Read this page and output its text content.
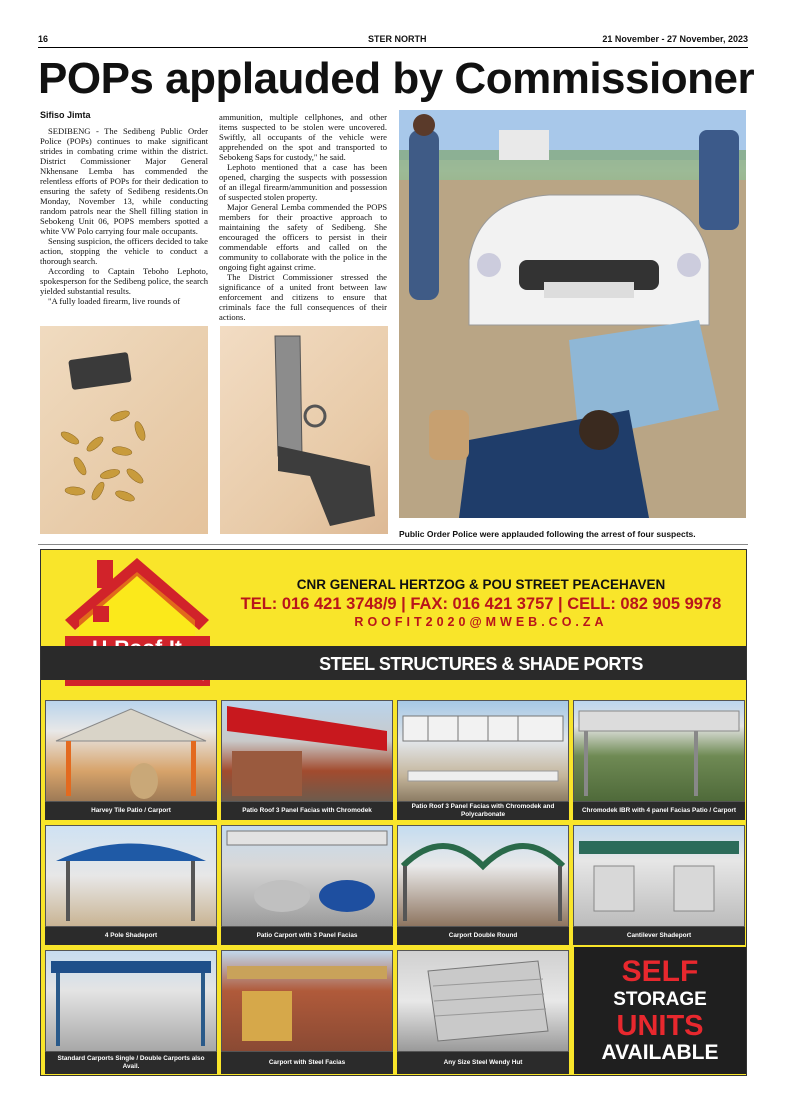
16	STER NORTH	21 November - 27 November, 2023
POPs applauded by Commissioner
Sifiso Jimta

SEDIBENG - The Sedibeng Public Order Police (POPs) continues to make significant strides in combating crime within the district. District Commissioner Major General Nkhensane Lemba has commended the relentless efforts of POPs for their dedication to ensuring the safety of Sedibeng residents.On Monday, November 13, while conducting random patrols near the Shell filling station in Sebokeng Unit 06, POPS members spotted a white VW Polo carrying four male occupants.

Sensing suspicion, the officers decided to take action, stopping the vehicle to conduct a thorough search.

According to Captain Teboho Lephoto, spokesperson for the Sedibeng police, the search yielded substantial results.

"A fully loaded firearm, live rounds of

ammunition, multiple cellphones, and other items suspected to be stolen were uncovered. Swiftly, all occupants of the vehicle were apprehended on the spot and transported to Sebokeng Saps for custody," he said.

Lephoto mentioned that a case has been opened, charging the suspects with possession of an illegal firearm/ammunition and possession of suspected stolen property.

Major General Lemba commended the POPS members for their proactive approach to maintaining the safety of Sedibeng. She encouraged the officers to persist in their commendable efforts and called on the community to collaborate with the police in the ongoing fight against crime.

The District Commissioner stressed the significance of a united front between law enforcement and citizens to ensure that criminals face the full consequences of their actions.

Public Order Police were applauded following the arrest of four suspects.
CNR GENERAL HERTZOG & POU STREET PEACEHAVEN
TEL: 016 421 3748/9 | FAX: 016 421 3757 | CELL: 082 905 9978
ROOFIT2020@MWEB.CO.ZA
STEEL STRUCTURES & SHADE PORTS
Harvey Tile Patio / Carport	Patio Roof 3 Panel Facias with Chromodek
Patio Roof 3 Panel Facias with Chromodek and Polycarbonate
Chromodek IBR with 4 panel Facias Patio / Carport
4 Pole Shadeport	Patio Carport with 3 Panel Facias	Carport Double Round	Cantilever Shadeport
Standard Carports Single / Double Carports also Avail.
Carport with Steel Facias	Any Size Steel Wendy Hut
SELF
STORAGE
UNITS
AVAILABLE
